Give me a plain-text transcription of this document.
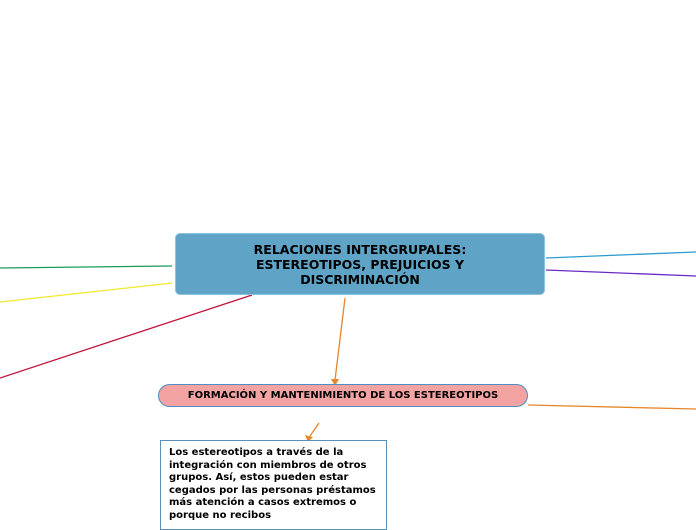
RELACIONES INTERGRUPALES: ESTEREOTIPOS, PREJUICIOS Y DISCRIMINACIÓN
FORMACIÓN Y MANTENIMIENTO DE LOS ESTEREOTIPOS
Los estereotipos a través de la integración con miembros de otros grupos. Así, estos pueden estar cegados por las personas préstamos más atención a casos extremos o porque no recibos
